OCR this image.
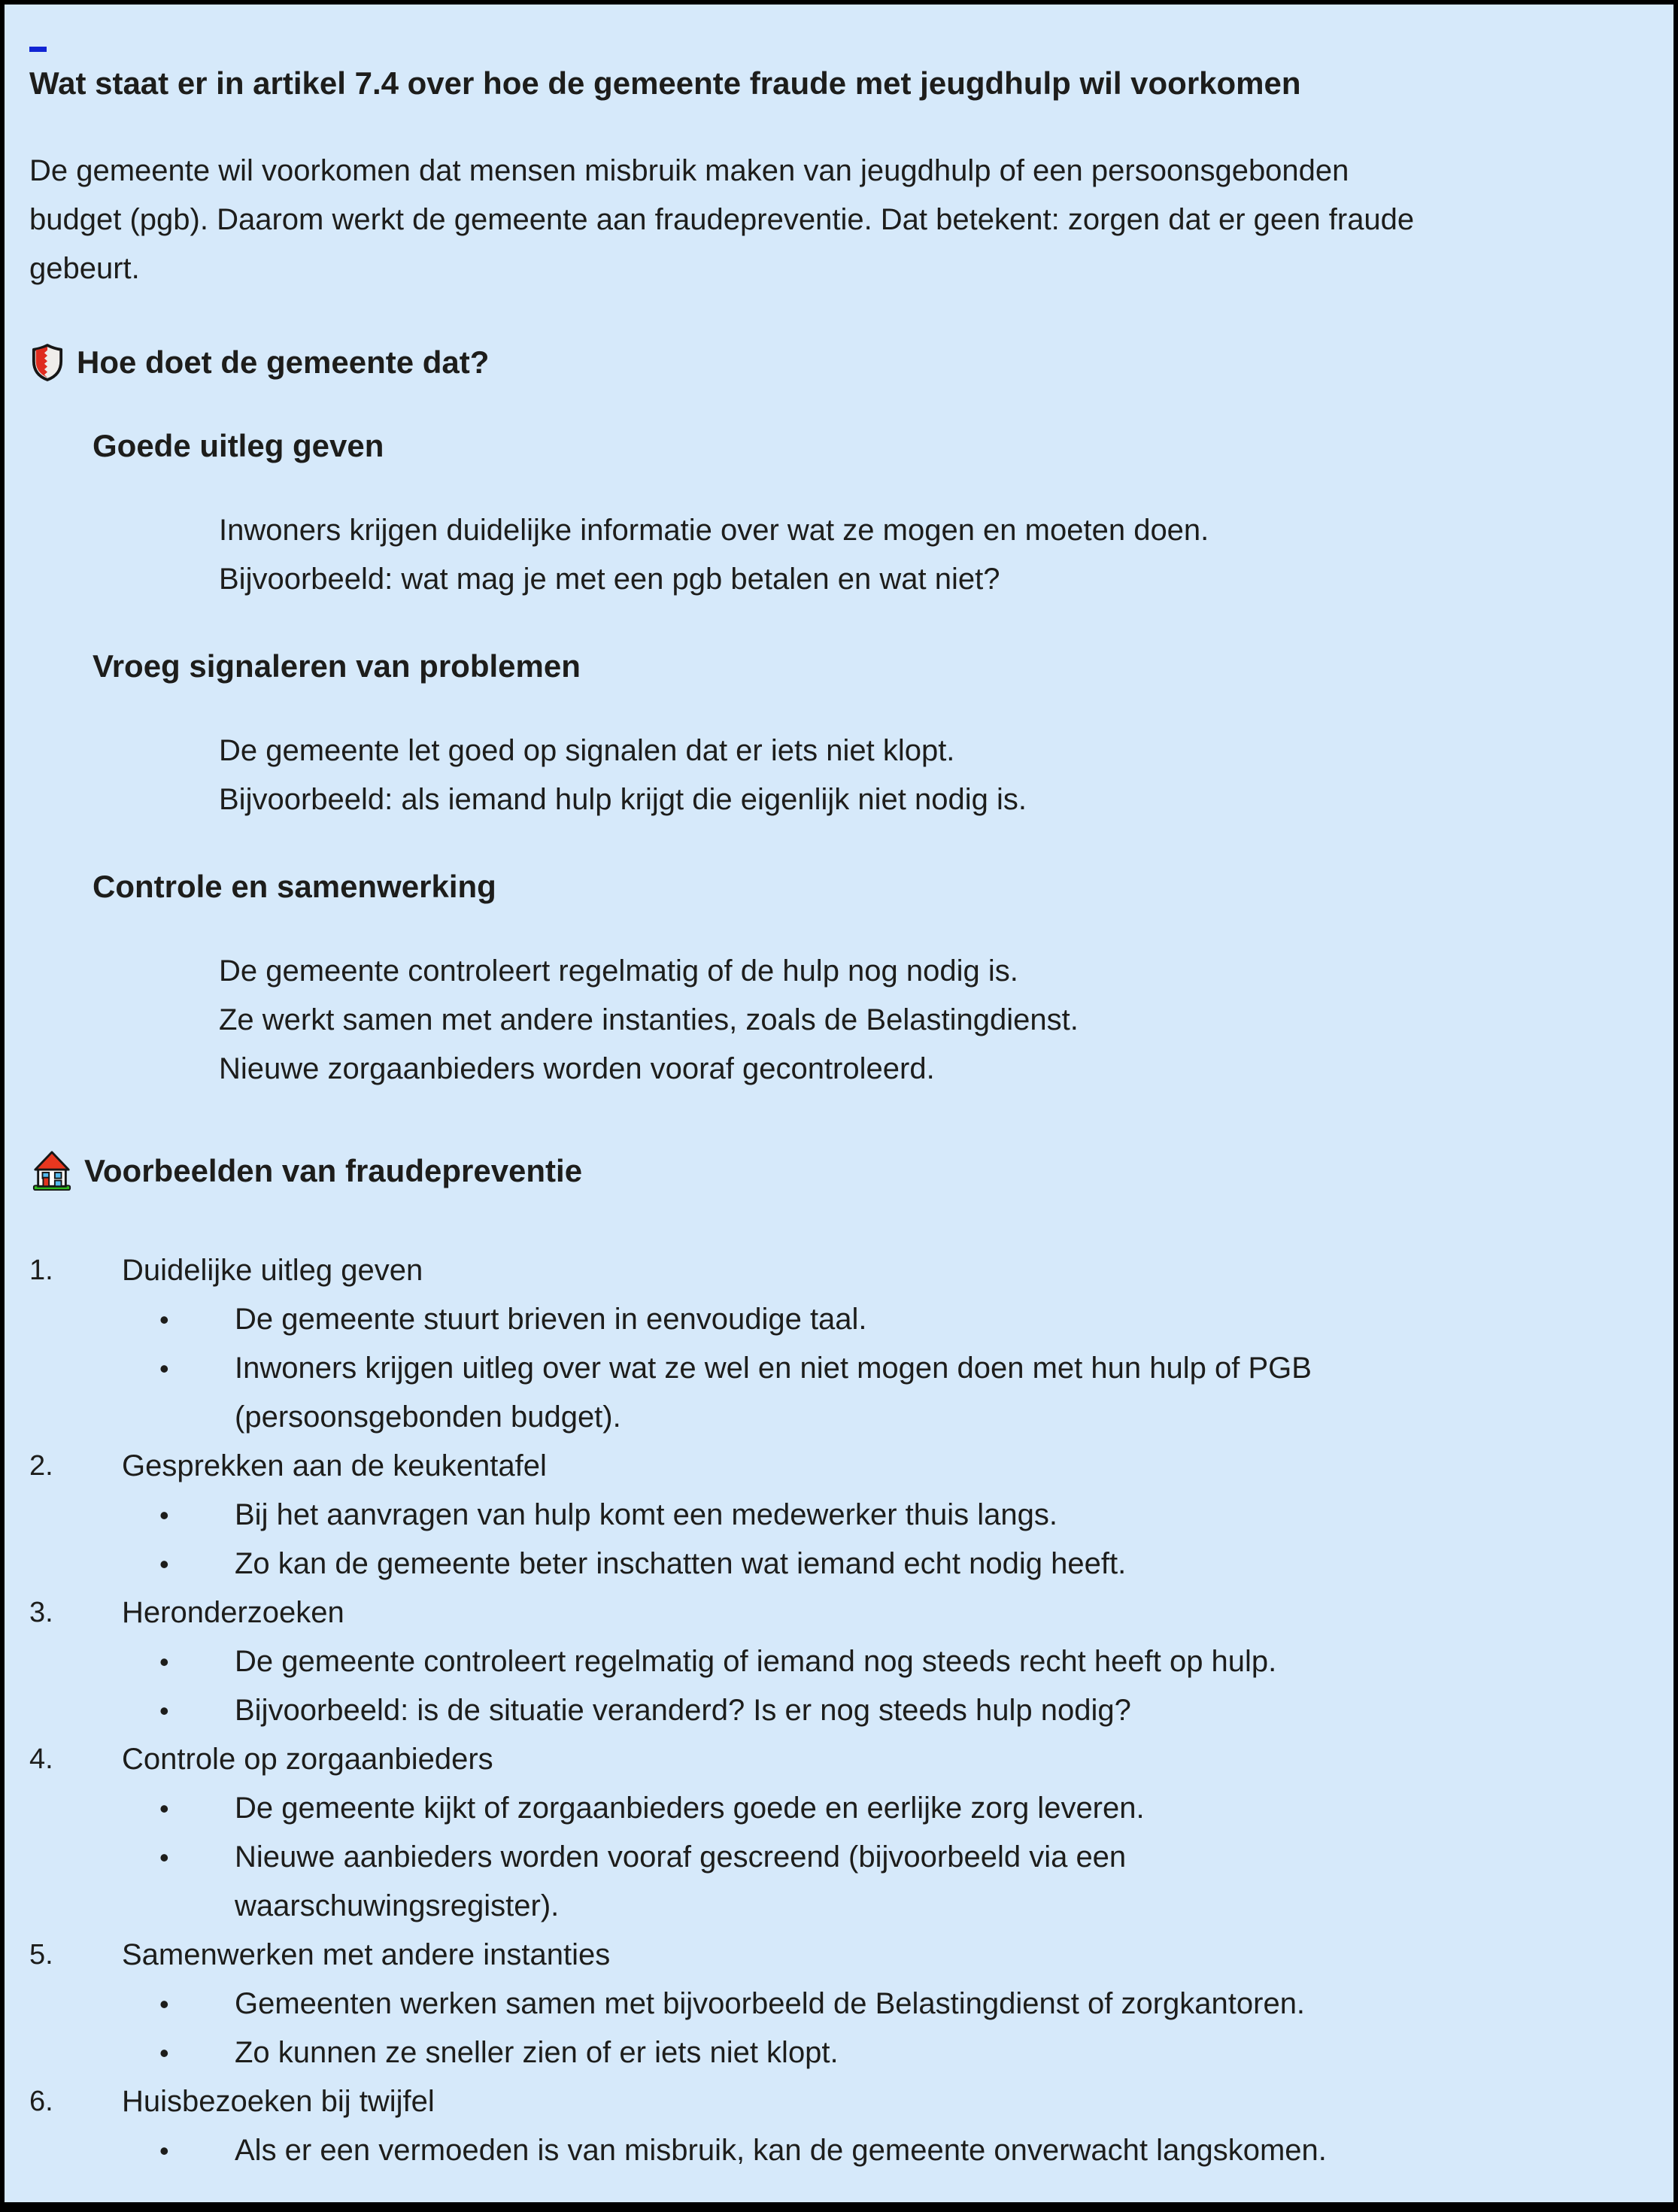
Wat staat er in artikel 7.4 over hoe de gemeente fraude met jeugdhulp wil voorkomen
De gemeente wil voorkomen dat mensen misbruik maken van jeugdhulp of een persoonsgebonden
budget (pgb). Daarom werkt de gemeente aan fraudepreventie. Dat betekent: zorgen dat er geen fraude
gebeurt.
Hoe doet de gemeente dat?
Goede uitleg geven
Inwoners krijgen duidelijke informatie over wat ze mogen en moeten doen.
Bijvoorbeeld: wat mag je met een pgb betalen en wat niet?
Vroeg signaleren van problemen
De gemeente let goed op signalen dat er iets niet klopt.
Bijvoorbeeld: als iemand hulp krijgt die eigenlijk niet nodig is.
Controle en samenwerking
De gemeente controleert regelmatig of de hulp nog nodig is.
Ze werkt samen met andere instanties, zoals de Belastingdienst.
Nieuwe zorgaanbieders worden vooraf gecontroleerd.
Voorbeelden van fraudepreventie
1. Duidelijke uitleg geven
• De gemeente stuurt brieven in eenvoudige taal.
• Inwoners krijgen uitleg over wat ze wel en niet mogen doen met hun hulp of PGB
(persoonsgebonden budget).
2. Gesprekken aan de keukentafel
• Bij het aanvragen van hulp komt een medewerker thuis langs.
• Zo kan de gemeente beter inschatten wat iemand echt nodig heeft.
3. Heronderzoeken
• De gemeente controleert regelmatig of iemand nog steeds recht heeft op hulp.
• Bijvoorbeeld: is de situatie veranderd? Is er nog steeds hulp nodig?
4. Controle op zorgaanbieders
• De gemeente kijkt of zorgaanbieders goede en eerlijke zorg leveren.
• Nieuwe aanbieders worden vooraf gescreend (bijvoorbeeld via een
waarschuwingsregister).
5. Samenwerken met andere instanties
• Gemeenten werken samen met bijvoorbeeld de Belastingdienst of zorgkantoren.
• Zo kunnen ze sneller zien of er iets niet klopt.
6. Huisbezoeken bij twijfel
• Als er een vermoeden is van misbruik, kan de gemeente onverwacht langskomen.
